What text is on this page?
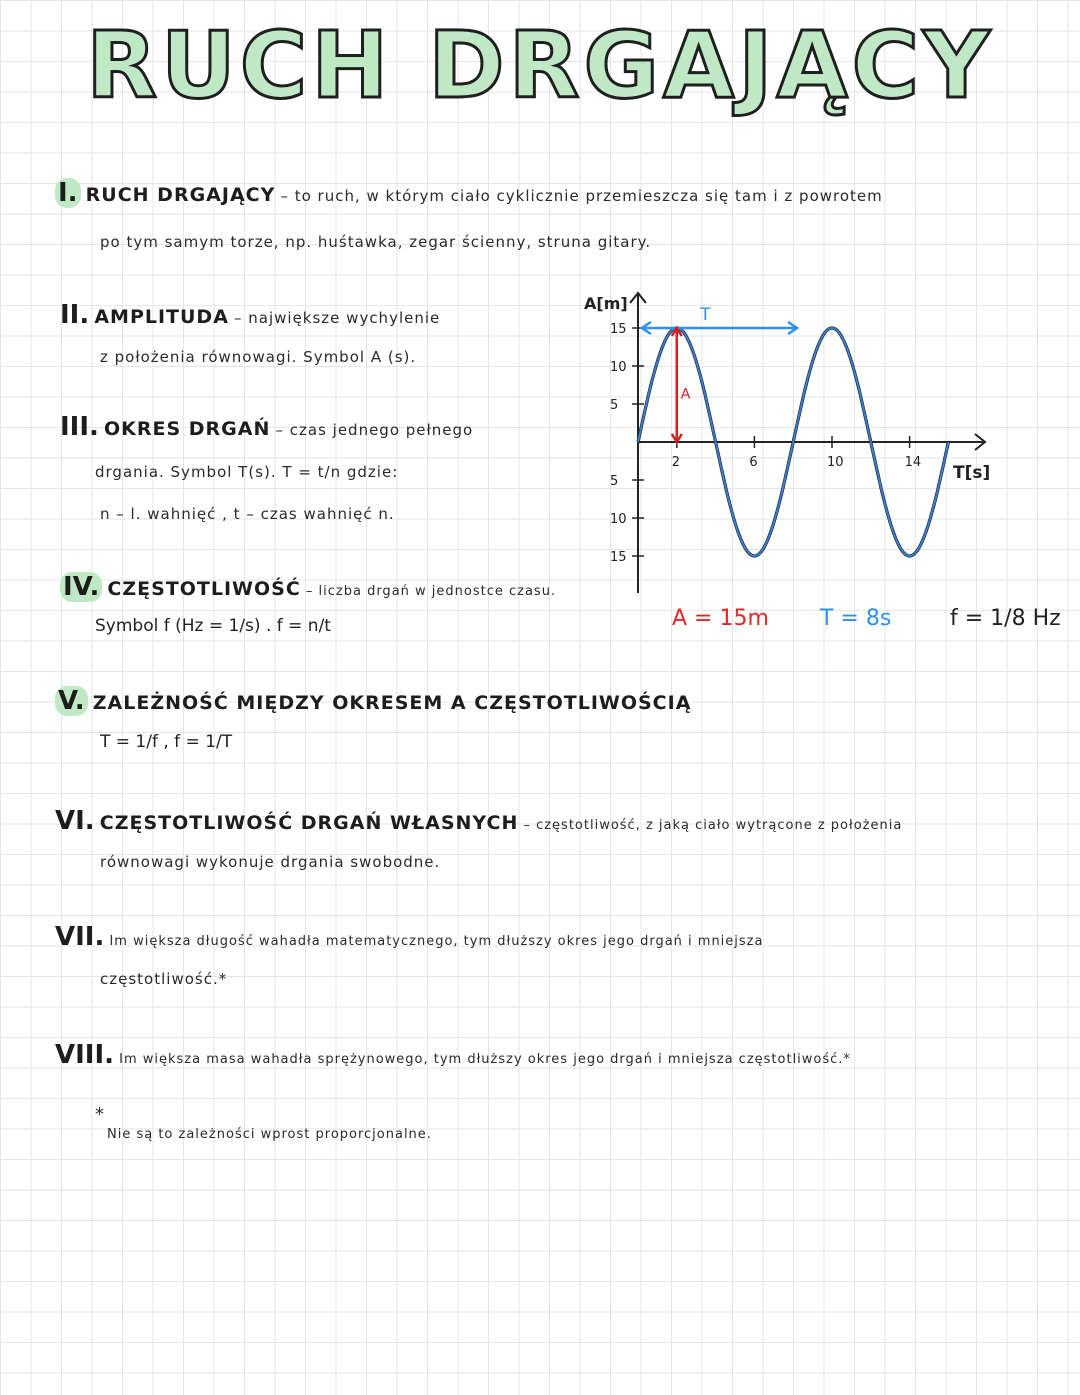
RUCH DRGAJĄCY
I. RUCH DRGAJĄCY – to ruch, w którym ciało cyklicznie przemieszcza się tam i z powrotem
po tym samym torze, np. huśtawka, zegar ścienny, struna gitary.
II. AMPLITUDA – największe wychylenie
z położenia równowagi. Symbol A (s).
III. OKRES DRGAŃ – czas jednego pełnego
drgania. Symbol T(s). T = t/n gdzie:
n – l. wahnięć , t – czas wahnięć n.
IV. CZĘSTOTLIWOŚĆ – liczba drgań w jednostce czasu.
Symbol f (Hz = 1/s) . f = n/t
A[m]
T[s]
2	6	10	14
15
10
5
5
10
15
T
A
A = 15m T = 8s	f = 1/8 Hz
V. ZALEŻNOŚĆ MIĘDZY OKRESEM A CZĘSTOTLIWOŚCIĄ
T = 1/f , f = 1/T
VI. CZĘSTOTLIWOŚĆ DRGAŃ WŁASNYCH – częstotliwość, z jaką ciało wytrącone z położenia
równowagi wykonuje drgania swobodne.
VII. Im większa długość wahadła matematycznego, tym dłuższy okres jego drgań i mniejsza
częstotliwość.*
VIII. Im większa masa wahadła sprężynowego, tym dłuższy okres jego drgań i mniejsza częstotliwość.*
*
Nie są to zależności wprost proporcjonalne.
